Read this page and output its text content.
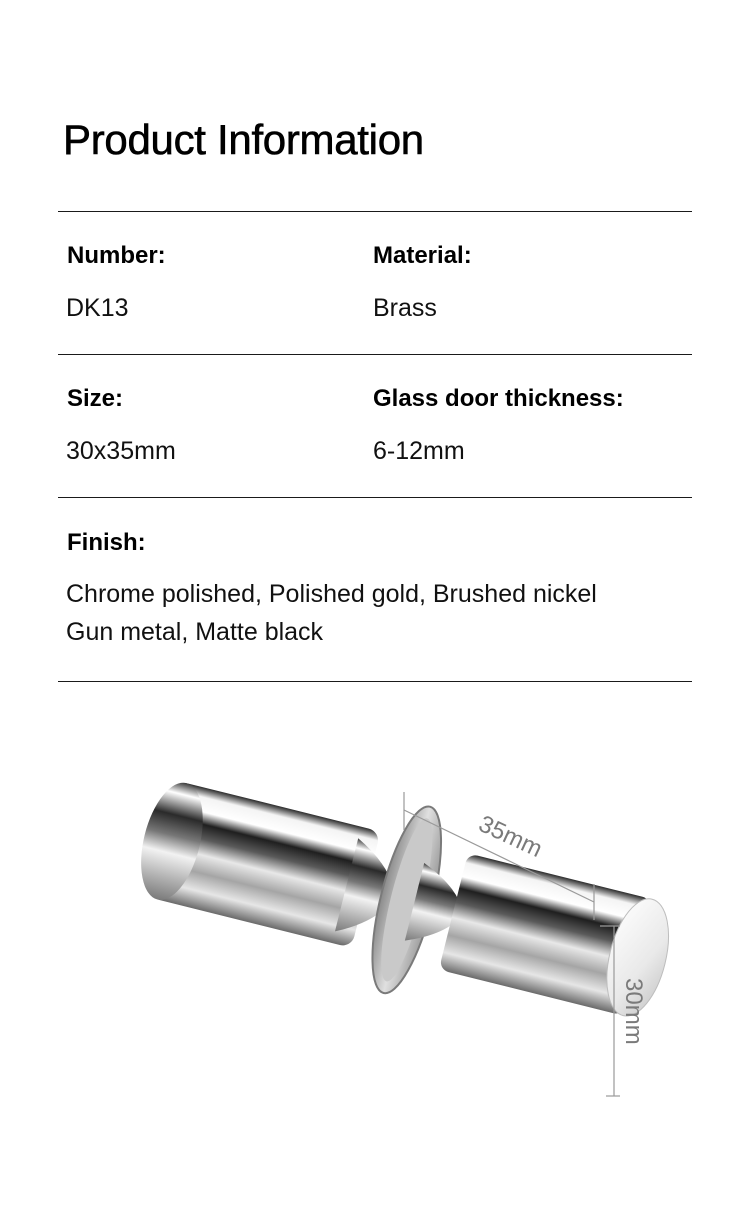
Product Information
Number:	Material:
DK13	Brass
Size:	Glass door thickness:
30x35mm	6-12mm
Finish:
Chrome polished, Polished gold, Brushed nickel
Gun metal, Matte black
35mm
30mm
